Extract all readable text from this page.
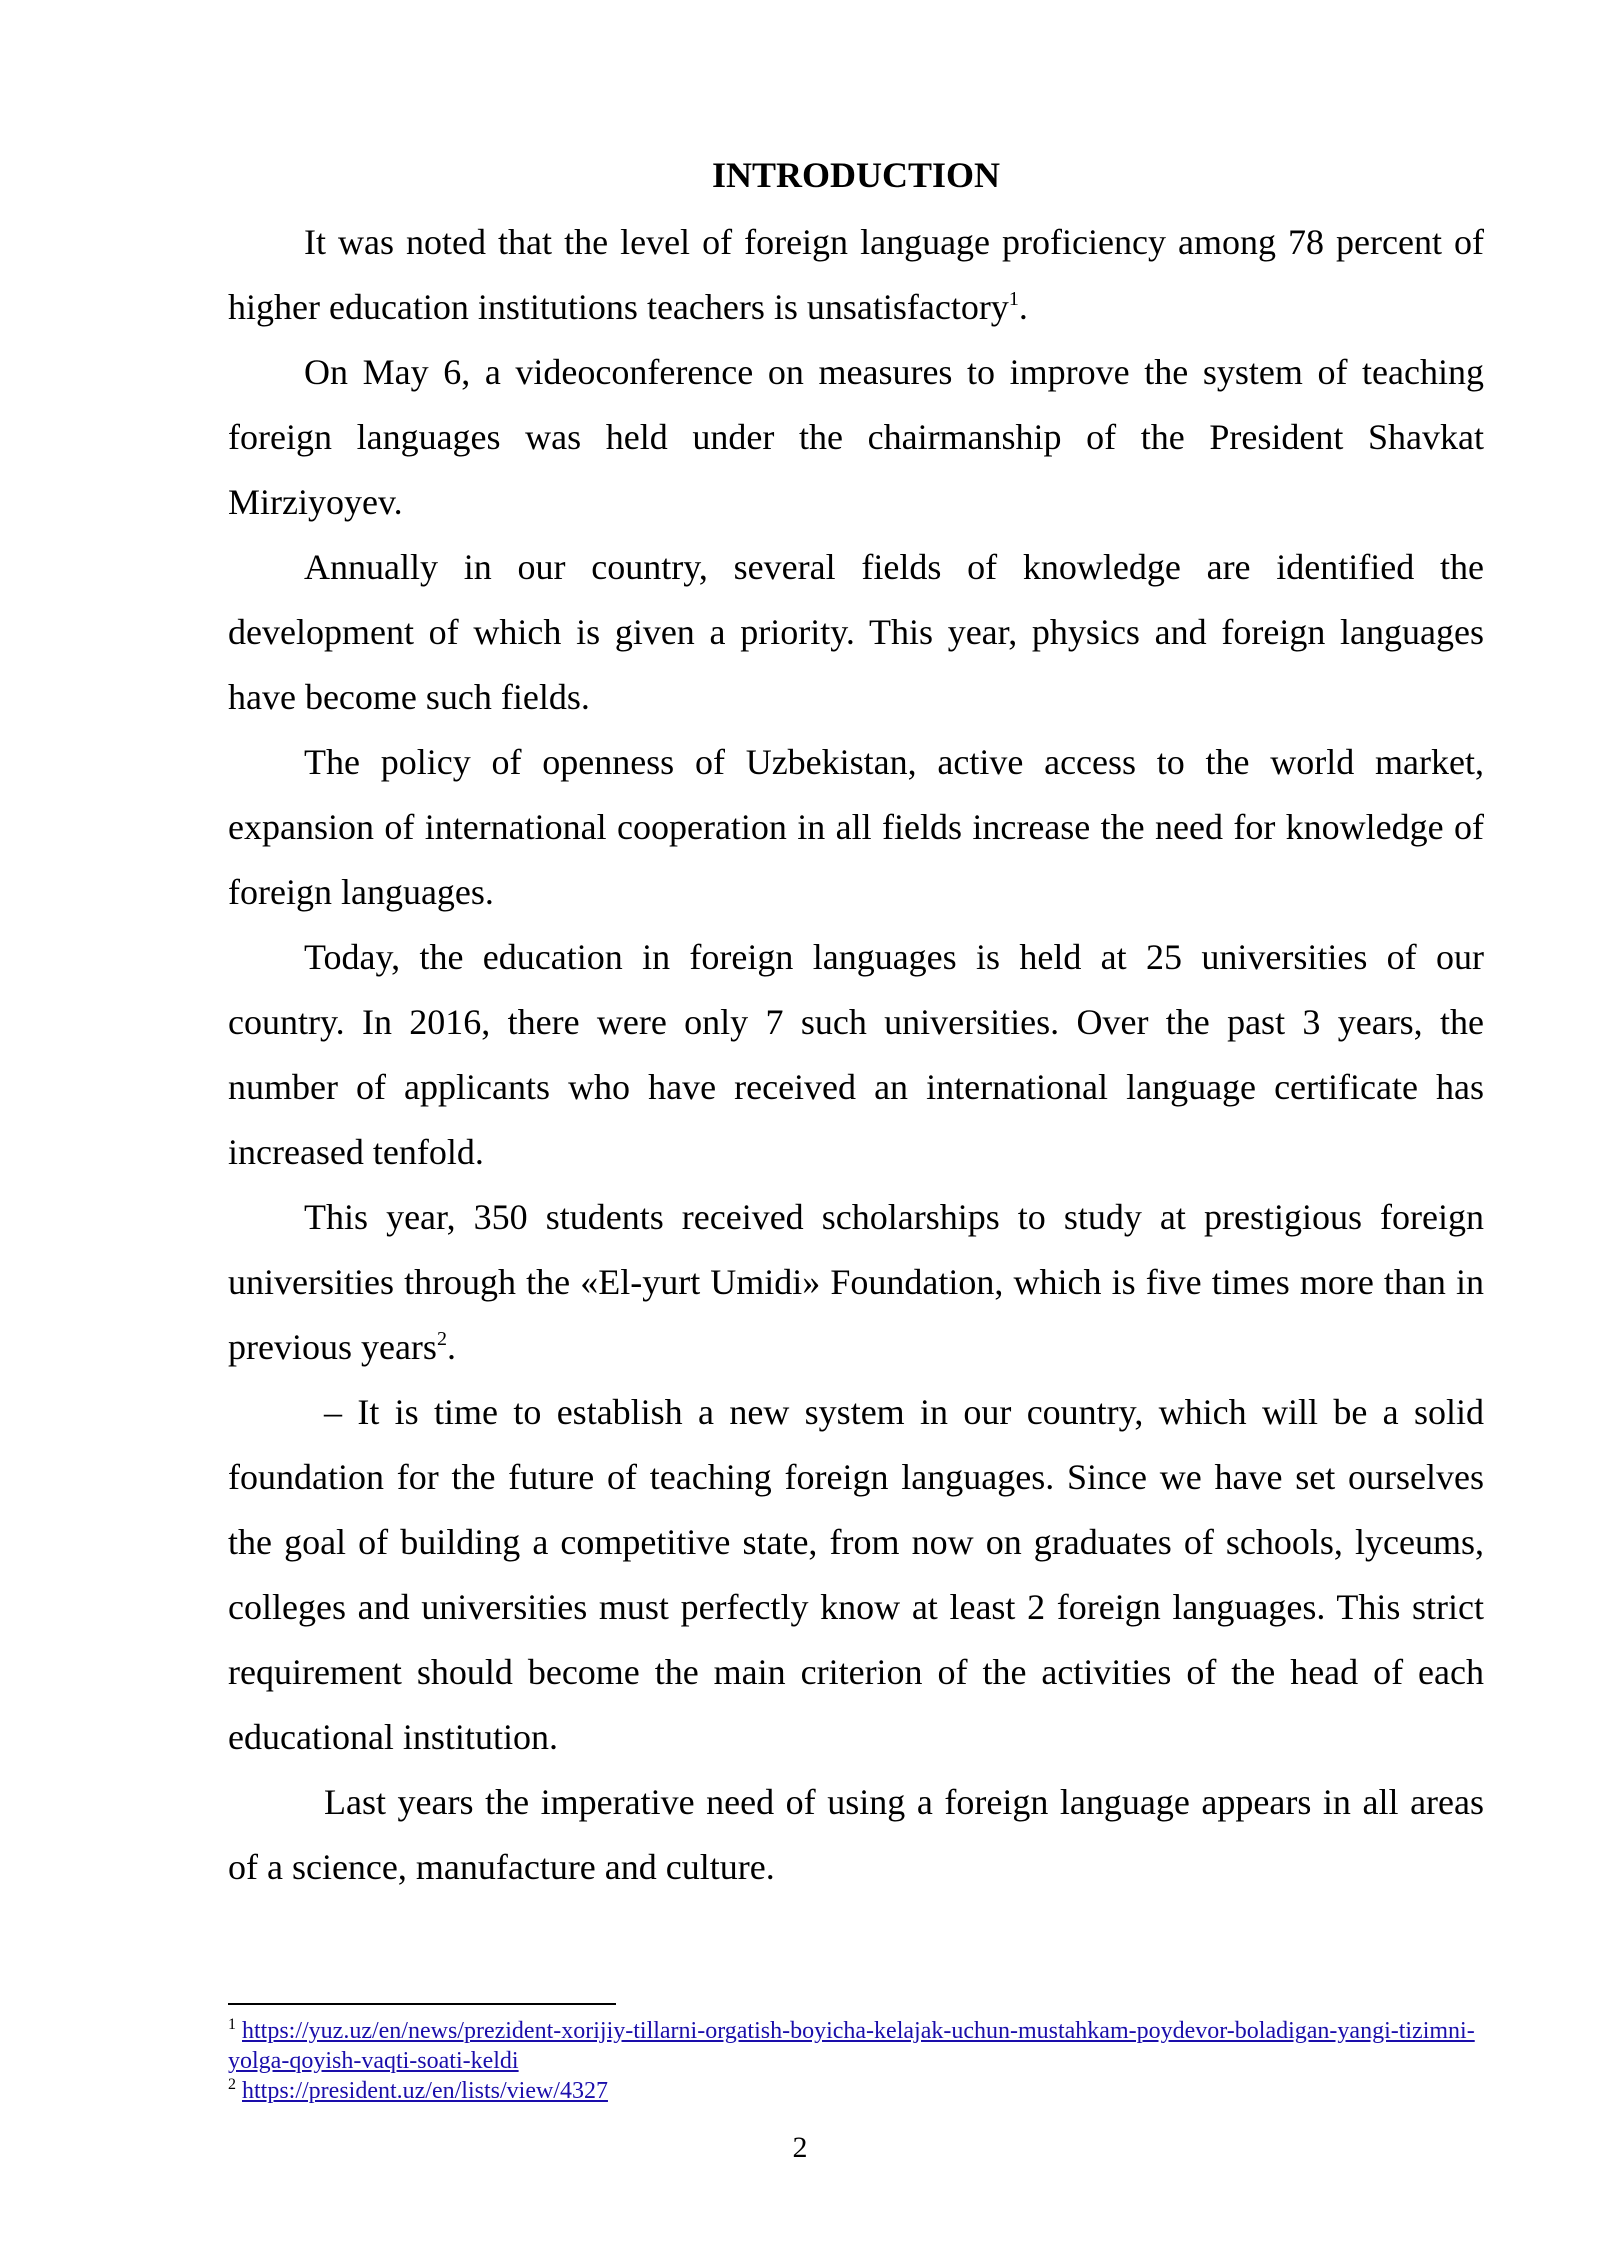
INTRODUCTION

It was noted that the level of foreign language proficiency among 78 percent of higher education institutions teachers is unsatisfactory$^1$.

On May 6, a videoconference on measures to improve the system of teaching foreign languages was held under the chairmanship of the President Shavkat Mirziyoyev.

Annually in our country, several fields of knowledge are identified the development of which is given a priority. This year, physics and foreign languages have become such fields.

The policy of openness of Uzbekistan, active access to the world market, expansion of international cooperation in all fields increase the need for knowledge of foreign languages.

Today, the education in foreign languages is held at 25 universities of our country. In 2016, there were only 7 such universities. Over the past 3 years, the number of applicants who have received an international language certificate has increased tenfold.

This year, 350 students received scholarships to study at prestigious foreign universities through the «El-yurt Umidi» Foundation, which is five times more than in previous years$^2$.

– It is time to establish a new system in our country, which will be a solid foundation for the future of teaching foreign languages. Since we have set ourselves the goal of building a competitive state, from now on graduates of schools, lyceums, colleges and universities must perfectly know at least 2 foreign languages. This strict requirement should become the main criterion of the activities of the head of each educational institution.

Last years the imperative need of using a foreign language appears in all areas of a science, manufacture and culture.

$^1$ https://yuz.uz/en/news/prezident-xorijiy-tillarni-orgatish-boyicha-kelajak-uchun-mustahkam-poydevor-boladigan-yangi-tizimni-yolga-qoyish-vaqti-soati-keldi

$^2$ https://president.uz/en/lists/view/4327

2
